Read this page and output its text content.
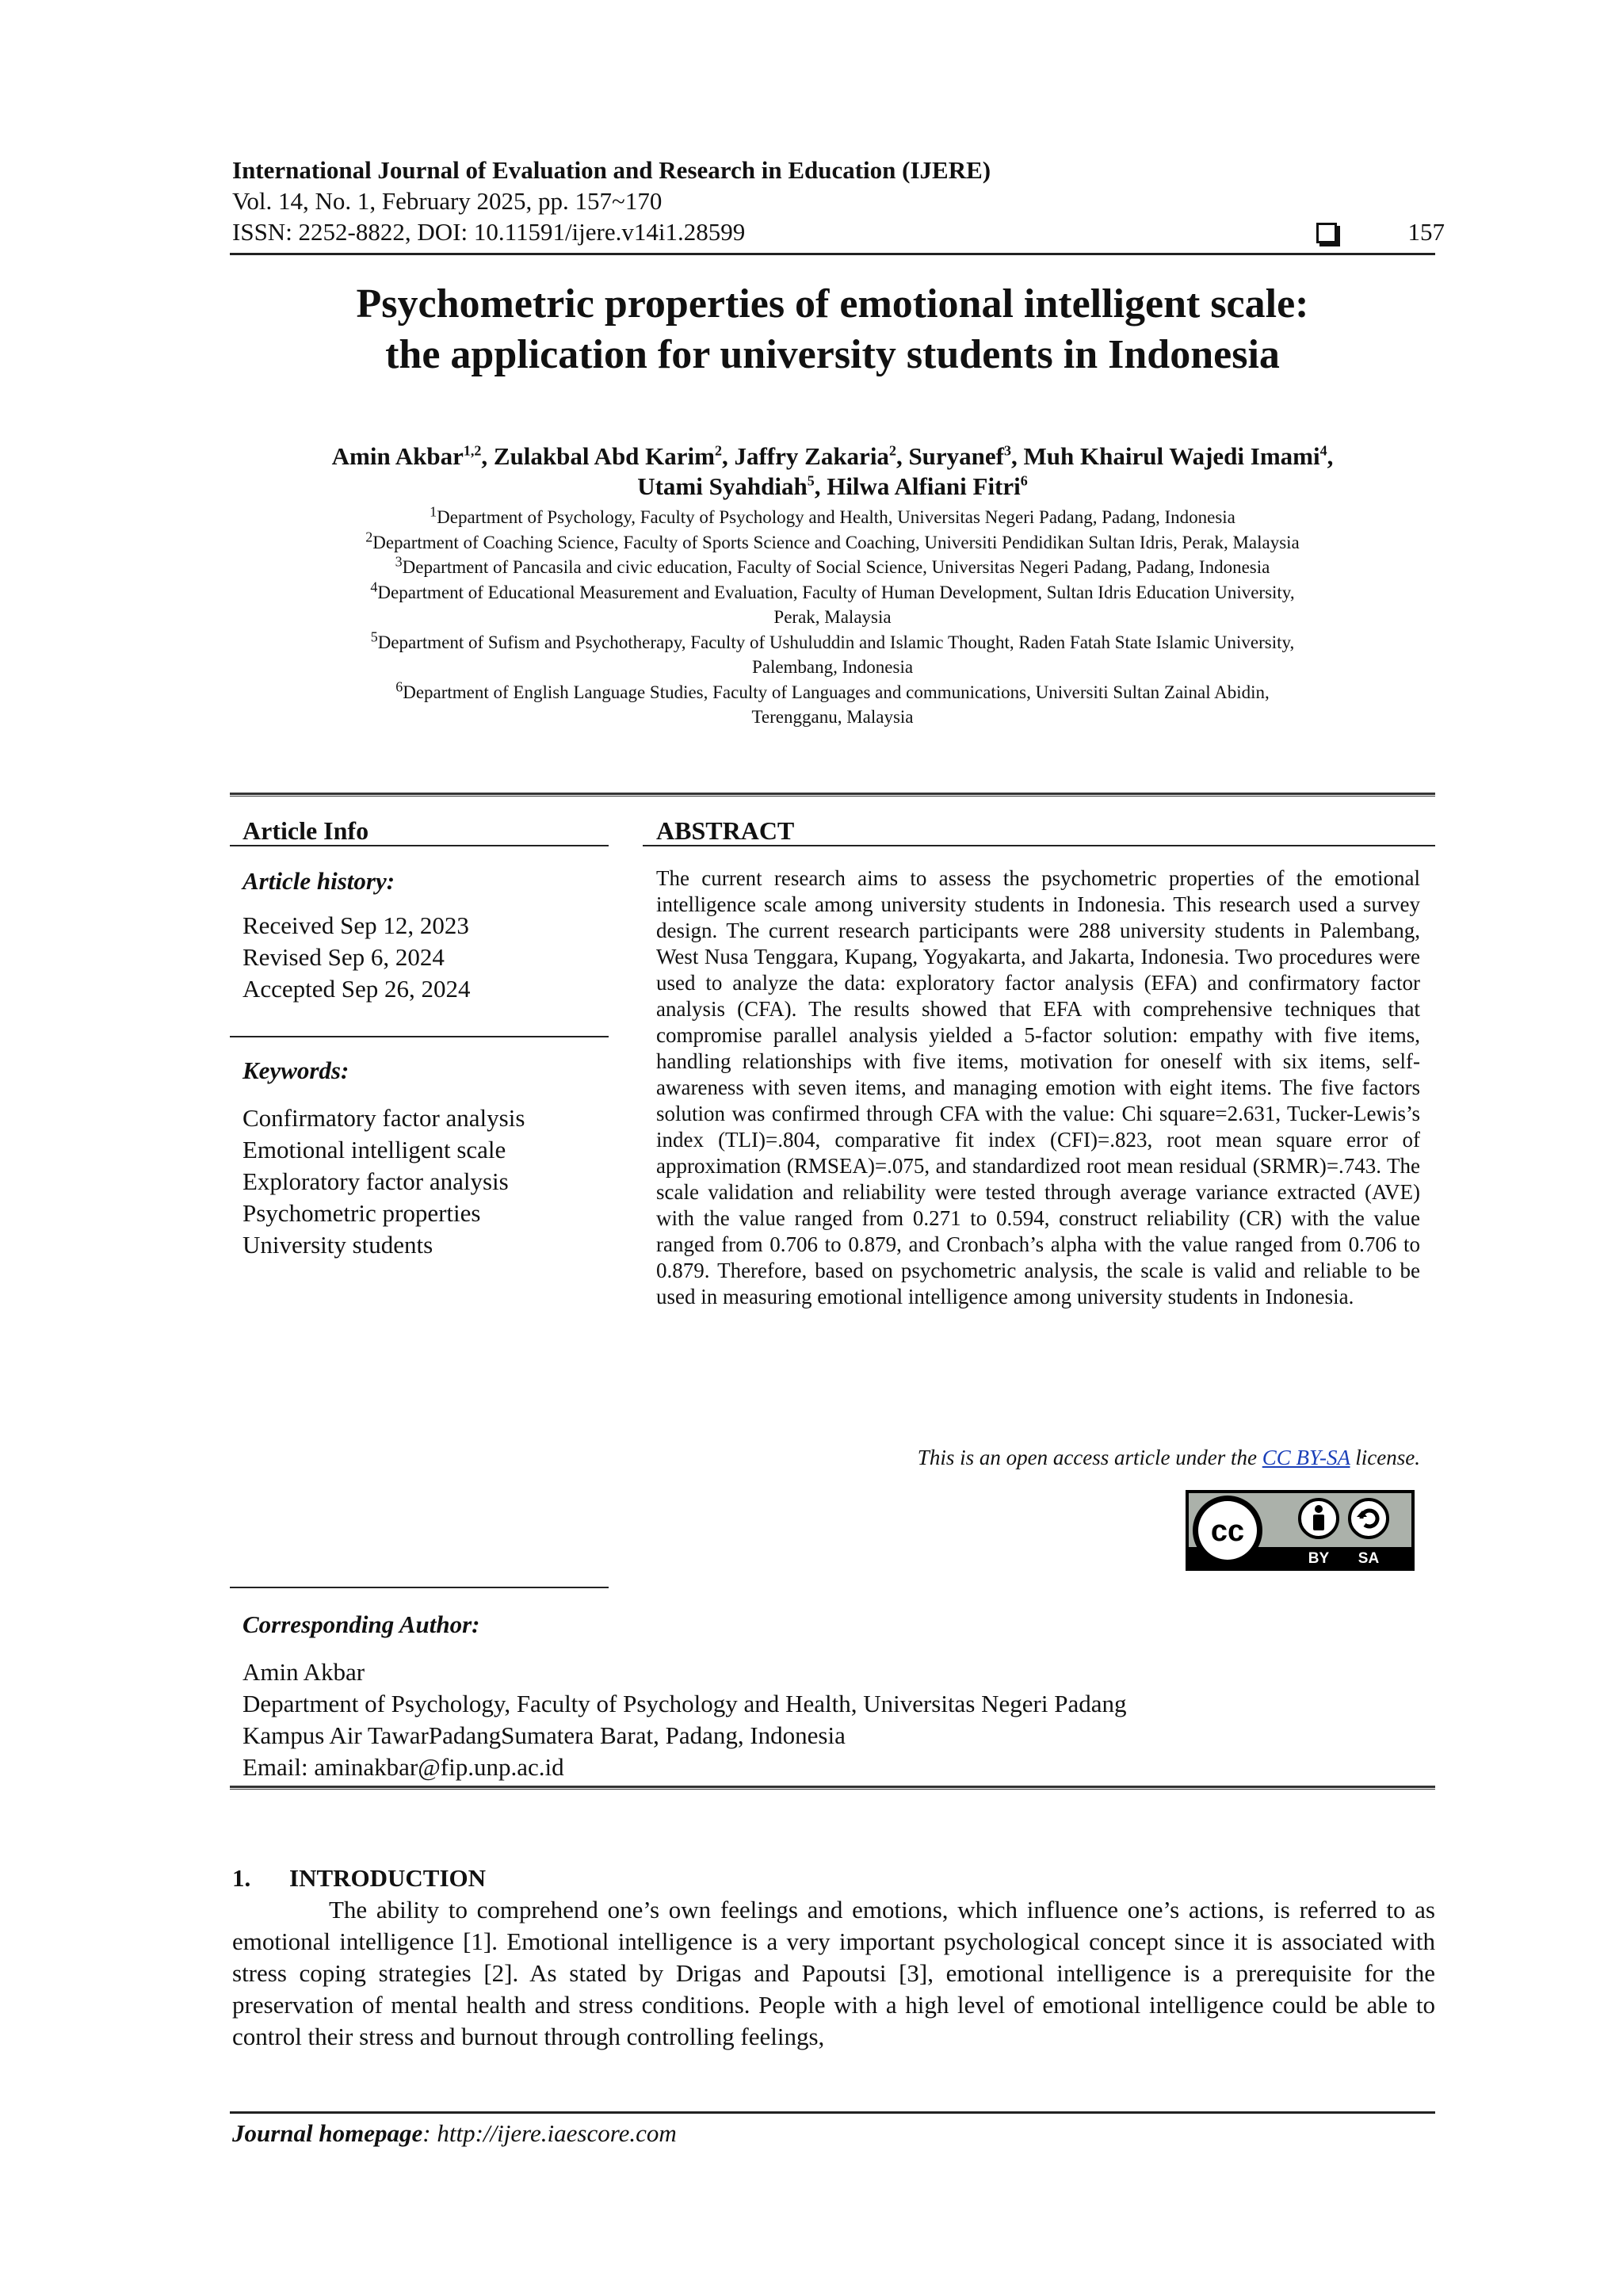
International Journal of Evaluation and Research in Education (IJERE)
Vol. 14, No. 1, February 2025, pp. 157~170
ISSN: 2252-8822, DOI: 10.11591/ijere.v14i1.28599	157
Psychometric properties of emotional intelligent scale:
the application for university students in Indonesia
Amin Akbar$^{1,2}$, Zulakbal Abd Karim$^2$, Jaffry Zakaria$^2$, Suryanef$^3$, Muh Khairul Wajedi Imami$^4$,
Utami Syahdiah$^5$, Hilwa Alfiani Fitri$^6$
$^1$Department of Psychology, Faculty of Psychology and Health, Universitas Negeri Padang, Padang, Indonesia
$^2$Department of Coaching Science, Faculty of Sports Science and Coaching, Universiti Pendidikan Sultan Idris, Perak, Malaysia
$^3$Department of Pancasila and civic education, Faculty of Social Science, Universitas Negeri Padang, Padang, Indonesia
$^4$Department of Educational Measurement and Evaluation, Faculty of Human Development, Sultan Idris Education University,
Perak, Malaysia
$^5$Department of Sufism and Psychotherapy, Faculty of Ushuluddin and Islamic Thought, Raden Fatah State Islamic University,
Palembang, Indonesia
$^6$Department of English Language Studies, Faculty of Languages and communications, Universiti Sultan Zainal Abidin,
Terengganu, Malaysia
Article Info	ABSTRACT
Article history:
Received Sep 12, 2023
Revised Sep 6, 2024
Accepted Sep 26, 2024
Keywords:
Confirmatory factor analysis
Emotional intelligent scale
Exploratory factor analysis
Psychometric properties
University students
The current research aims to assess the psychometric properties of the emotional intelligence scale among university students in Indonesia. This research used a survey design. The current research participants were 288 university students in Palembang, West Nusa Tenggara, Kupang, Yogyakarta, and Jakarta, Indonesia. Two procedures were used to analyze the data: exploratory factor analysis (EFA) and confirmatory factor analysis (CFA). The results showed that EFA with comprehensive techniques that compromise parallel analysis yielded a 5-factor solution: empathy with five items, handling relationships with five items, motivation for oneself with six items, self-awareness with seven items, and managing emotion with eight items. The five factors solution was confirmed through CFA with the value: Chi square=2.631, Tucker-Lewis’s index (TLI)=.804, comparative fit index (CFI)=.823, root mean square error of approximation (RMSEA)=.075, and standardized root mean residual (SRMR)=.743. The scale validation and reliability were tested through average variance extracted (AVE) with the value ranged from 0.271 to 0.594, construct reliability (CR) with the value ranged from 0.706 to 0.879, and Cronbach’s alpha with the value ranged from 0.706 to 0.879. Therefore, based on psychometric analysis, the scale is valid and reliable to be used in measuring emotional intelligence among university students in Indonesia.
This is an open access article under the CC BY-SA license.
cc
BY SA
Corresponding Author:
Amin Akbar
Department of Psychology, Faculty of Psychology and Health, Universitas Negeri Padang
Kampus Air TawarPadangSumatera Barat, Padang, Indonesia
Email: aminakbar@fip.unp.ac.id
1. INTRODUCTION
The ability to comprehend one’s own feelings and emotions, which influence one’s actions, is referred to as emotional intelligence [1]. Emotional intelligence is a very important psychological concept since it is associated with stress coping strategies [2]. As stated by Drigas and Papoutsi [3], emotional intelligence is a prerequisite for the preservation of mental health and stress conditions. People with a high level of emotional intelligence could be able to control their stress and burnout through controlling feelings,
Journal homepage: http://ijere.iaescore.com
